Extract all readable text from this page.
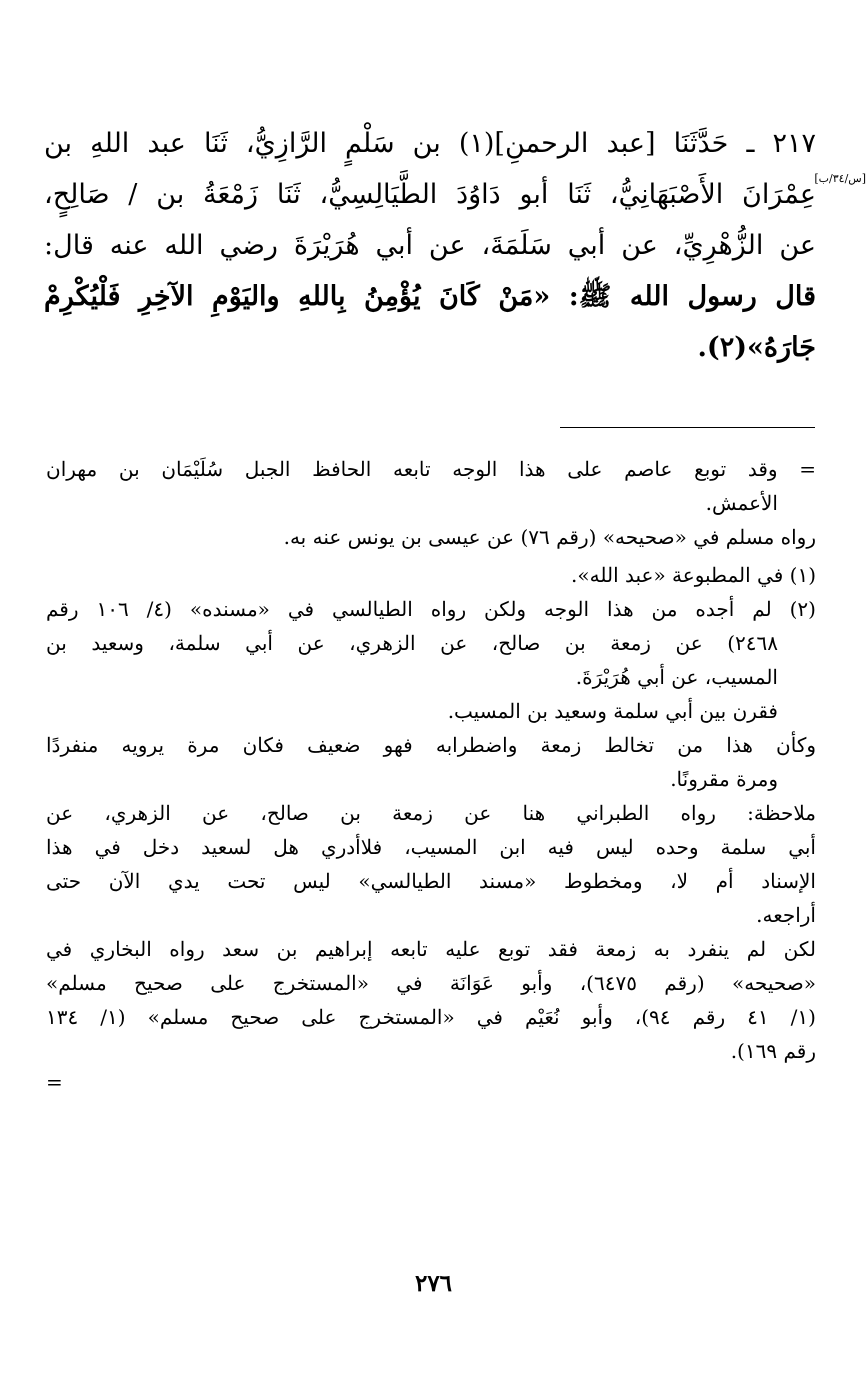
٢١٧ ـ حَدَّثَنَا [عبد الرحمنِ](١) بن سَلْمٍ الرَّازِيُّ، ثَنَا عبد اللهِ بن
عِمْرَانَ الأَصْبَهَانِيُّ، ثَنَا أبو دَاوُدَ الطَّيَالِسِيُّ، ثَنَا زَمْعَةُ بن / صَالِحٍ،
عن الزُّهْرِيِّ، عن أبي سَلَمَةَ، عن أبي هُرَيْرَةَ رضي الله عنه قال:
قال رسول الله ﷺ: «مَنْ كَانَ يُؤْمِنُ بِاللهِ واليَوْمِ الآخِرِ فَلْيُكْرِمْ
جَارَهُ»(٢).
[س/٣٤/ب]
= وقد توبع عاصم على هذا الوجه تابعه الحافظ الجبل سُلَيْمَان بن مهران
الأعمش.
رواه مسلم في «صحيحه» (رقم ٧٦) عن عيسى بن يونس عنه به.
(١) في المطبوعة «عبد الله».
(٢) لم أجده من هذا الوجه ولكن رواه الطيالسي في «مسنده» (٤/ ١٠٦ رقم
٢٤٦٨) عن زمعة بن صالح، عن الزهري، عن أبي سلمة، وسعيد بن
المسيب، عن أبي هُرَيْرَةَ.
فقرن بين أبي سلمة وسعيد بن المسيب.
وكأن هذا من تخالط زمعة واضطرابه فهو ضعيف فكان مرة يرويه منفردًا
ومرة مقرونًا.
ملاحظة: رواه الطبراني هنا عن زمعة بن صالح، عن الزهري، عن
أبي سلمة وحده ليس فيه ابن المسيب، فلاأدري هل لسعيد دخل في هذا
الإسناد أم لا، ومخطوط «مسند الطيالسي» ليس تحت يدي الآن حتى
أراجعه.
لكن لم ينفرد به زمعة فقد توبع عليه تابعه إبراهيم بن سعد رواه البخاري في
«صحيحه» (رقم ٦٤٧٥)، وأبو عَوَانَة في «المستخرج على صحيح مسلم»
(١/ ٤١ رقم ٩٤)، وأبو نُعَيْم في «المستخرج على صحيح مسلم» (١/ ١٣٤
رقم ١٦٩).
=
٢٧٦
